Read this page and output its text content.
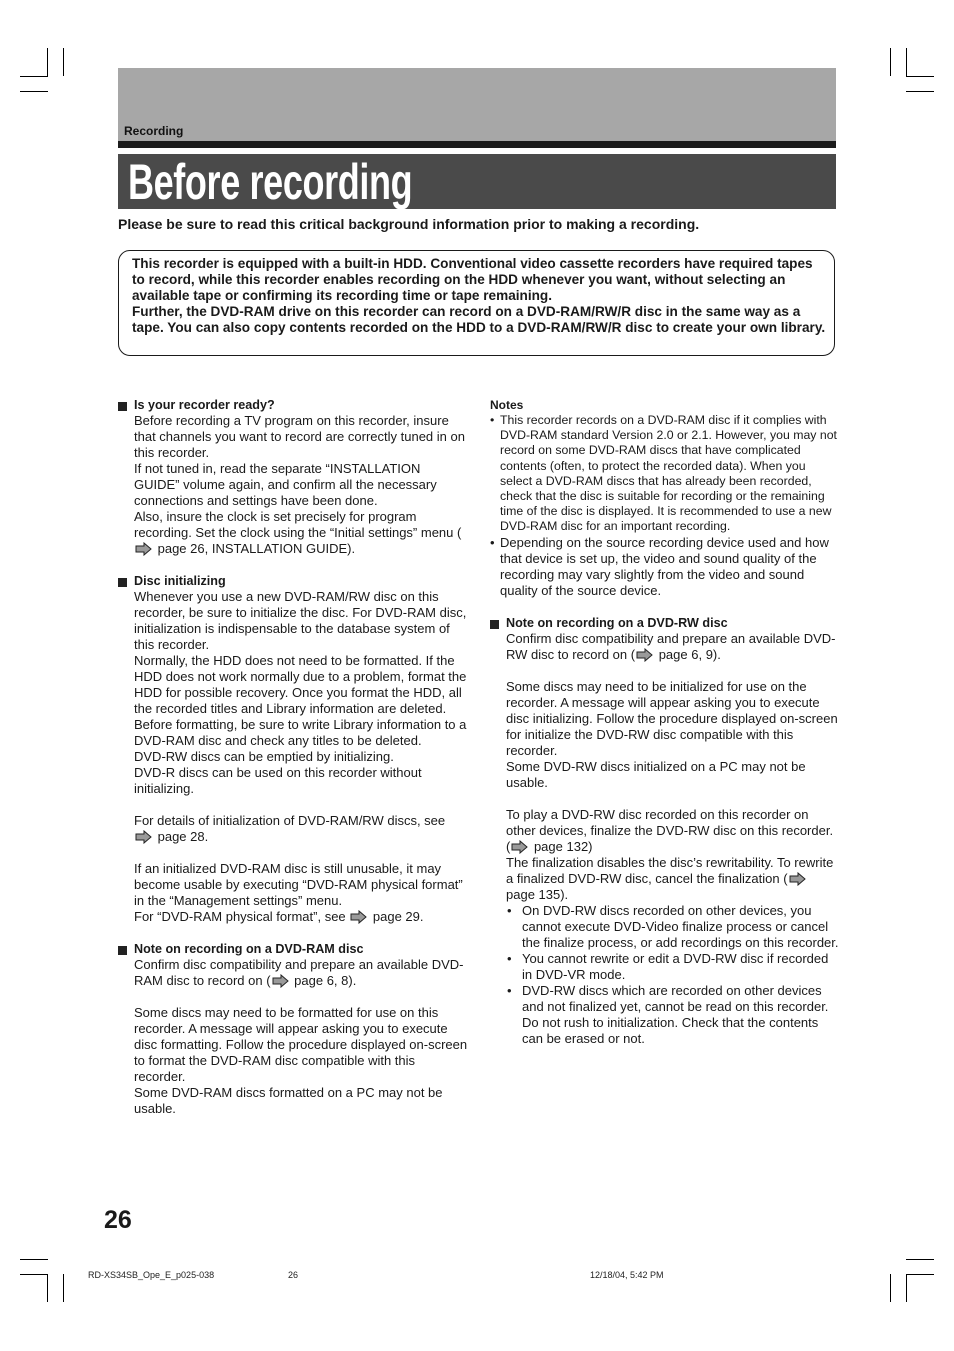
Recording
Before recording

Please be sure to read this critical background information prior to making a recording.

This recorder is equipped with a built-in HDD. Conventional video cassette recorders have required tapes to record, while this recorder enables recording on the HDD whenever you want, without selecting an available tape or confirming its recording time or tape remaining.

Further, the DVD-RAM drive on this recorder can record on a DVD-RAM/RW/R disc in the same way as a tape. You can also copy contents recorded on the HDD to a DVD-RAM/RW/R disc to create your own library.

Is your recorder ready?

Before recording a TV program on this recorder, insure that channels you want to record are correctly tuned in on this recorder.

If not tuned in, read the separate “INSTALLATION GUIDE” volume again, and confirm all the necessary connections and settings have been done.

Also, insure the clock is set precisely for program recording. Set the clock using the “Initial settings” menu ( page 26, INSTALLATION GUIDE).

Disc initializing

Whenever you use a new DVD-RAM/RW disc on this recorder, be sure to initialize the disc. For DVD-RAM disc, initialization is indispensable to the database system of this recorder.

Normally, the HDD does not need to be formatted. If the HDD does not work normally due to a problem, format the HDD for possible recovery. Once you format the HDD, all the recorded titles and Library information are deleted. Before formatting, be sure to write Library information to a DVD-RAM disc and check any titles to be deleted.

DVD-RW discs can be emptied by initializing.

DVD-R discs can be used on this recorder without initializing.

For details of initialization of DVD-RAM/RW discs, see

page 28.

If an initialized DVD-RAM disc is still unusable, it may become usable by executing “DVD-RAM physical format” in the “Management settings” menu.

For “DVD-RAM physical format”, see  page 29.

Note on recording on a DVD-RAM disc

Confirm disc compatibility and prepare an available DVD-RAM disc to record on ( page 6, 8).

Some discs may need to be formatted for use on this recorder. A message will appear asking you to execute disc formatting. Follow the procedure displayed on-screen to format the DVD-RAM disc compatible with this recorder.

Some DVD-RAM discs formatted on a PC may not be usable.

Notes

• This recorder records on a DVD-RAM disc if it complies with DVD-RAM standard Version 2.0 or 2.1. However, you may not record on some DVD-RAM discs that have complicated contents (often, to protect the recorded data). When you select a DVD-RAM discs that has already been recorded, check that the disc is suitable for recording or the remaining time of the disc is displayed. It is recommended to use a new DVD-RAM disc for an important recording.
• Depending on the source recording device used and how that device is set up, the video and sound quality of the recording may vary slightly from the video and sound quality of the source device.

Note on recording on a DVD-RW disc

Confirm disc compatibility and prepare an available DVD-RW disc to record on ( page 6, 9).

Some discs may need to be initialized for use on the recorder. A message will appear asking you to execute disc initializing. Follow the procedure displayed on-screen for initialize the DVD-RW disc compatible with this recorder.

Some DVD-RW discs initialized on a PC may not be usable.

To play a DVD-RW disc recorded on this recorder on other devices, finalize the DVD-RW disc on this recorder. ( page 132)

The finalization disables the disc’s rewritability. To rewrite a finalized DVD-RW disc, cancel the finalization ( page 135).

• On DVD-RW discs recorded on other devices, you cannot execute DVD-Video finalize process or cancel the finalize process, or add recordings on this recorder.
• You cannot rewrite or edit a DVD-RW disc if recorded in DVD-VR mode.
• DVD-RW discs which are recorded on other devices and not finalized yet, cannot be read on this recorder. Do not rush to initialization. Check that the contents can be erased or not.

26

RD-XS34SB_Ope_E_p025-038	26	12/18/04, 5:42 PM
